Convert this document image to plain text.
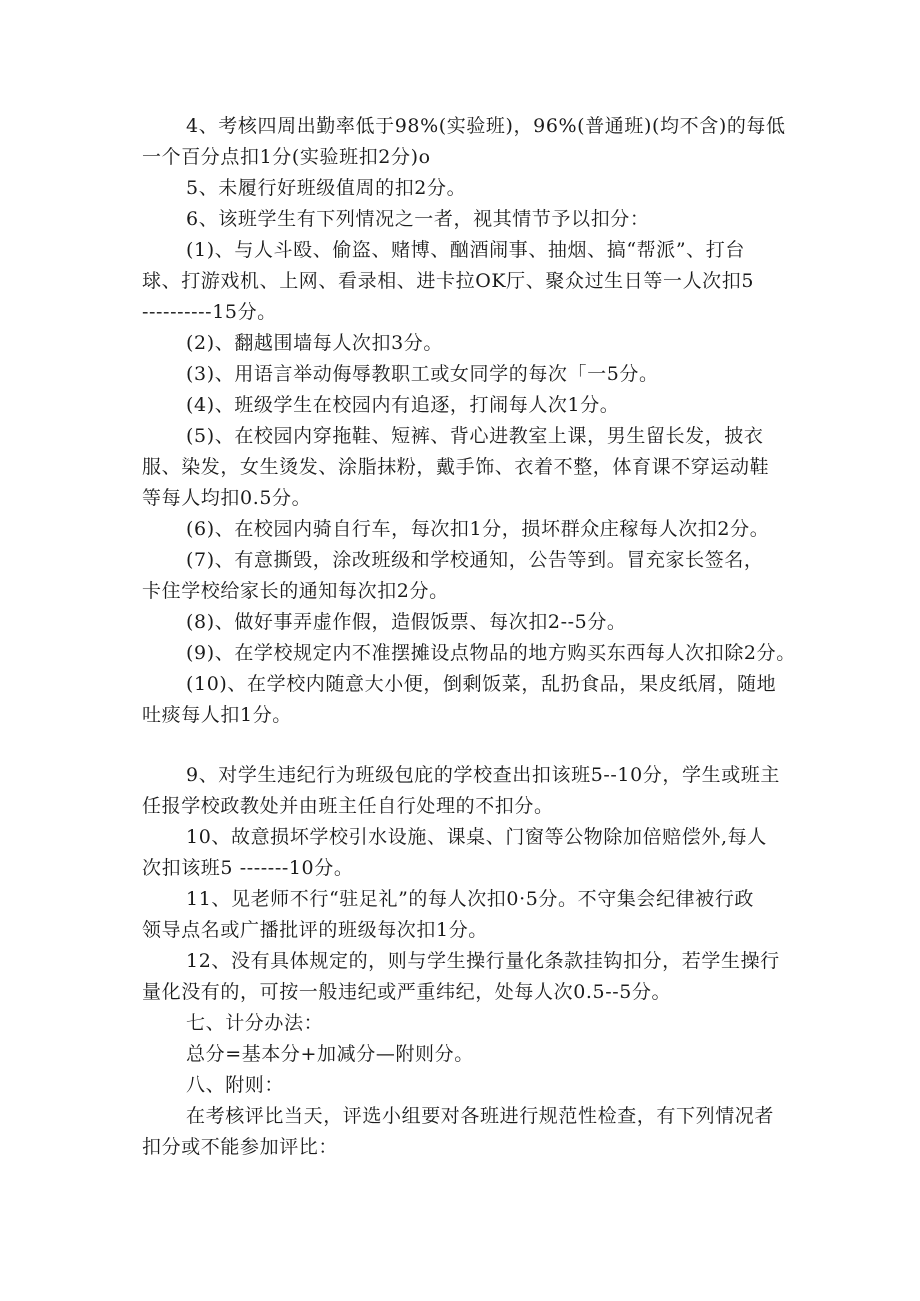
4、考核四周出勤率低于98%(实验班)，96%(普通班)(均不含)的每低
一个百分点扣1分(实验班扣2分)o
5、未履行好班级值周的扣2分。
6、该班学生有下列情况之一者，视其情节予以扣分：
(1)、与人斗殴、偷盗、赌博、酗酒闹事、抽烟、搞“帮派”、打台
球、打游戏机、上网、看录相、进卡拉OK厅、聚众过生日等一人次扣5
----------15分。
(2)、翻越围墙每人次扣3分。
(3)、用语言举动侮辱教职工或女同学的每次「一5分。
(4)、班级学生在校园内有追逐，打闹每人次1分。
(5)、在校园内穿拖鞋、短裤、背心进教室上课，男生留长发，披衣
服、染发，女生烫发、涂脂抹粉，戴手饰、衣着不整，体育课不穿运动鞋
等每人均扣0.5分。
(6)、在校园内骑自行车，每次扣1分，损坏群众庄稼每人次扣2分。
(7)、有意撕毁，涂改班级和学校通知，公告等到。冒充家长签名，
卡住学校给家长的通知每次扣2分。
(8)、做好事弄虚作假，造假饭票、每次扣2--5分。
(9)、在学校规定内不准摆摊设点物品的地方购买东西每人次扣除2分。
(10)、在学校内随意大小便，倒剩饭菜，乱扔食品，果皮纸屑，随地
吐痰每人扣1分。
9、对学生违纪行为班级包庇的学校查出扣该班5--10分，学生或班主
任报学校政教处并由班主任自行处理的不扣分。
10、故意损坏学校引水设施、课桌、门窗等公物除加倍赔偿外,每人
次扣该班5 -------10分。
11、见老师不行“驻足礼”的每人次扣0·5分。不守集会纪律被行政
领导点名或广播批评的班级每次扣1分。
12、没有具体规定的，则与学生操行量化条款挂钩扣分，若学生操行
量化没有的，可按一般违纪或严重纬纪，处每人次0.5--5分。
七、计分办法：
总分=基本分+加减分—附则分。
八、附则：
在考核评比当天，评选小组要对各班进行规范性检查，有下列情况者
扣分或不能参加评比：
